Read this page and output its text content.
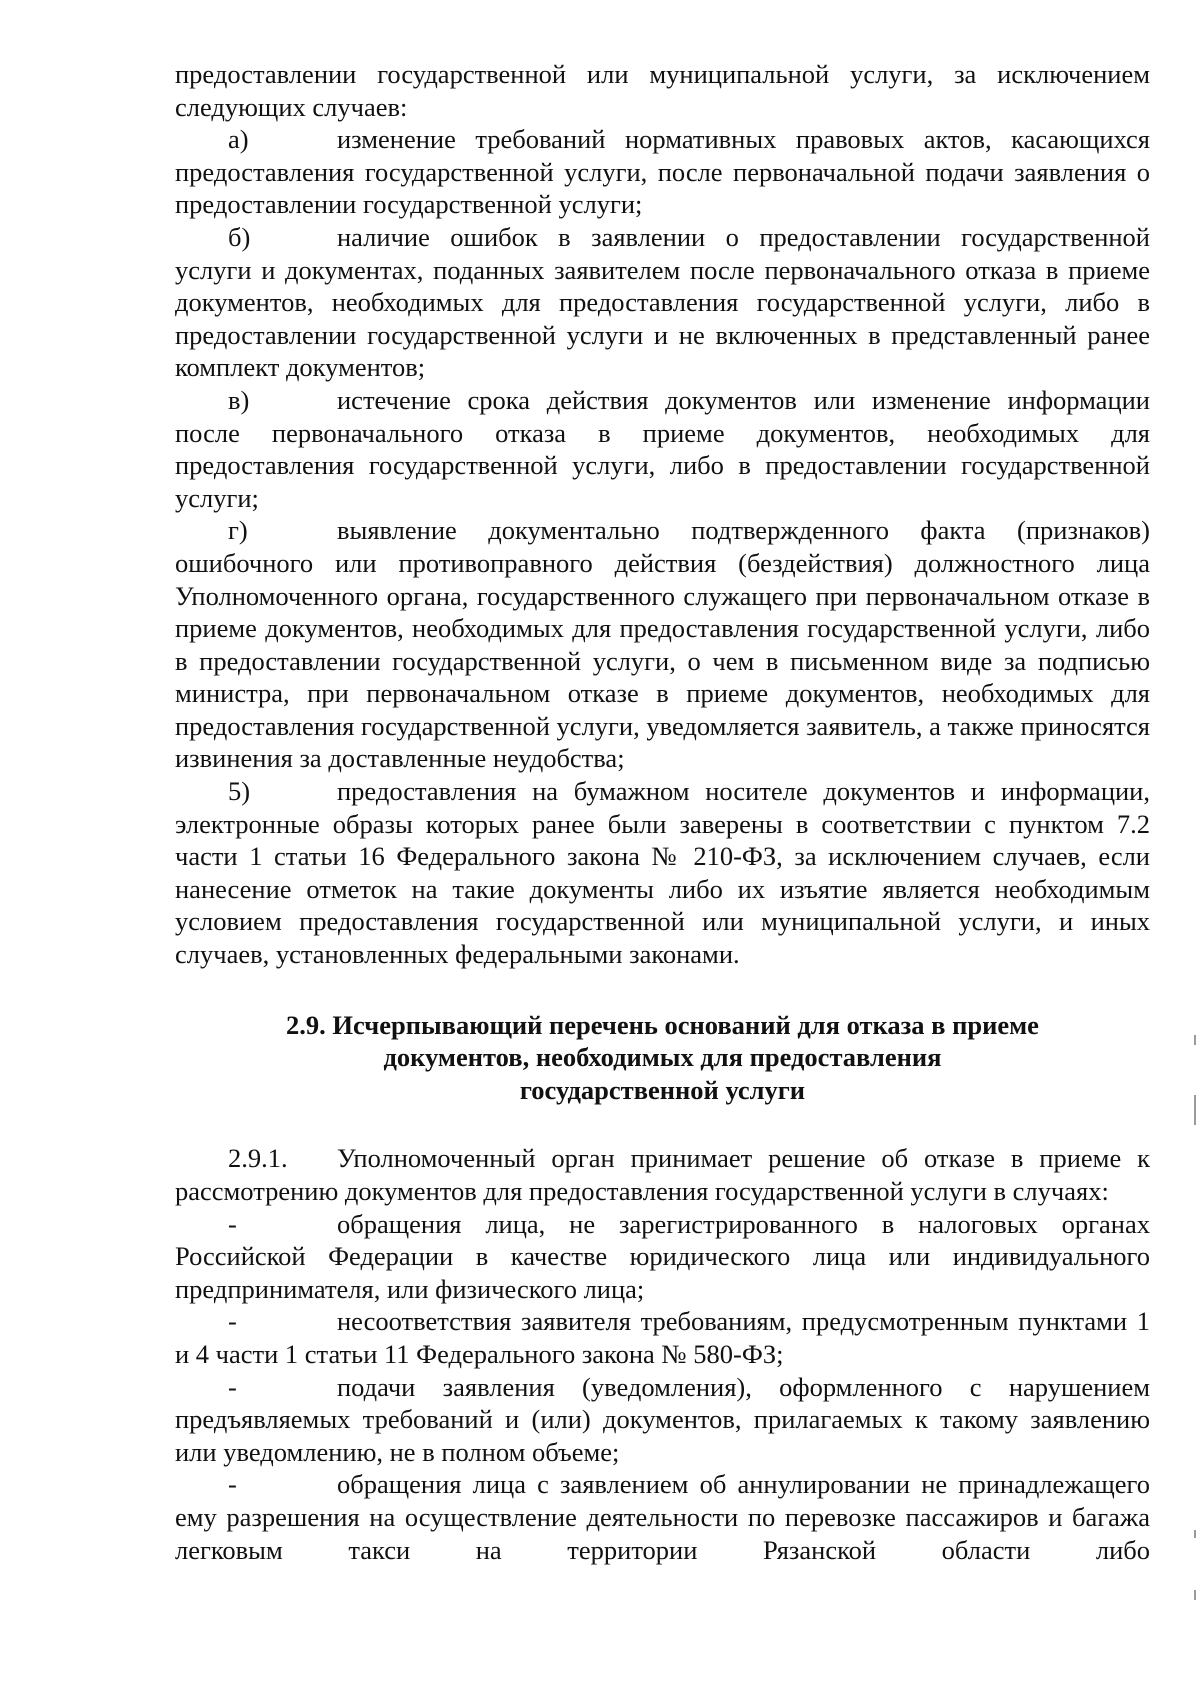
предоставлении государственной или муниципальной услуги, за исключением следующих случаев:

а)	изменение требований нормативных правовых актов, касающихся предоставления государственной услуги, после первоначальной подачи заявления о предоставлении государственной услуги;

б)	наличие ошибок в заявлении о предоставлении государственной услуги и документах, поданных заявителем после первоначального отказа в приеме документов, необходимых для предоставления государственной услуги, либо в предоставлении государственной услуги и не включенных в представленный ранее комплект документов;

в)	истечение срока действия документов или изменение информации после первоначального отказа в приеме документов, необходимых для предоставления государственной услуги, либо в предоставлении государственной услуги;

г)	выявление документально подтвержденного факта (признаков) ошибочного или противоправного действия (бездействия) должностного лица Уполномоченного органа, государственного служащего при первоначальном отказе в приеме документов, необходимых для предоставления государственной услуги, либо в предоставлении государственной услуги, о чем в письменном виде за подписью министра, при первоначальном отказе в приеме документов, необходимых для предоставления государственной услуги, уведомляется заявитель, а также приносятся извинения за доставленные неудобства;

5)	предоставления на бумажном носителе документов и информации, электронные образы которых ранее были заверены в соответствии с пунктом 7.2 части 1 статьи 16 Федерального закона № 210-ФЗ, за исключением случаев, если нанесение отметок на такие документы либо их изъятие является необходимым условием предоставления государственной или муниципальной услуги, и иных случаев, установленных федеральными законами.

2.9. Исчерпывающий перечень оснований для отказа в приеме
документов, необходимых для предоставления
государственной услуги

2.9.1. Уполномоченный орган принимает решение об отказе в приеме к рассмотрению документов для предоставления государственной услуги в случаях:

-	обращения лица, не зарегистрированного в налоговых органах Российской Федерации в качестве юридического лица или индивидуального предпринимателя, или физического лица;

-	несоответствия заявителя требованиям, предусмотренным пунктами 1 и 4 части 1 статьи 11 Федерального закона № 580-ФЗ;

-	подачи заявления (уведомления), оформленного с нарушением предъявляемых требований и (или) документов, прилагаемых к такому заявлению или уведомлению, не в полном объеме;

-	обращения лица с заявлением об аннулировании не принадлежащего ему разрешения на осуществление деятельности по перевозке пассажиров и багажа легковым такси на территории Рязанской области либо
